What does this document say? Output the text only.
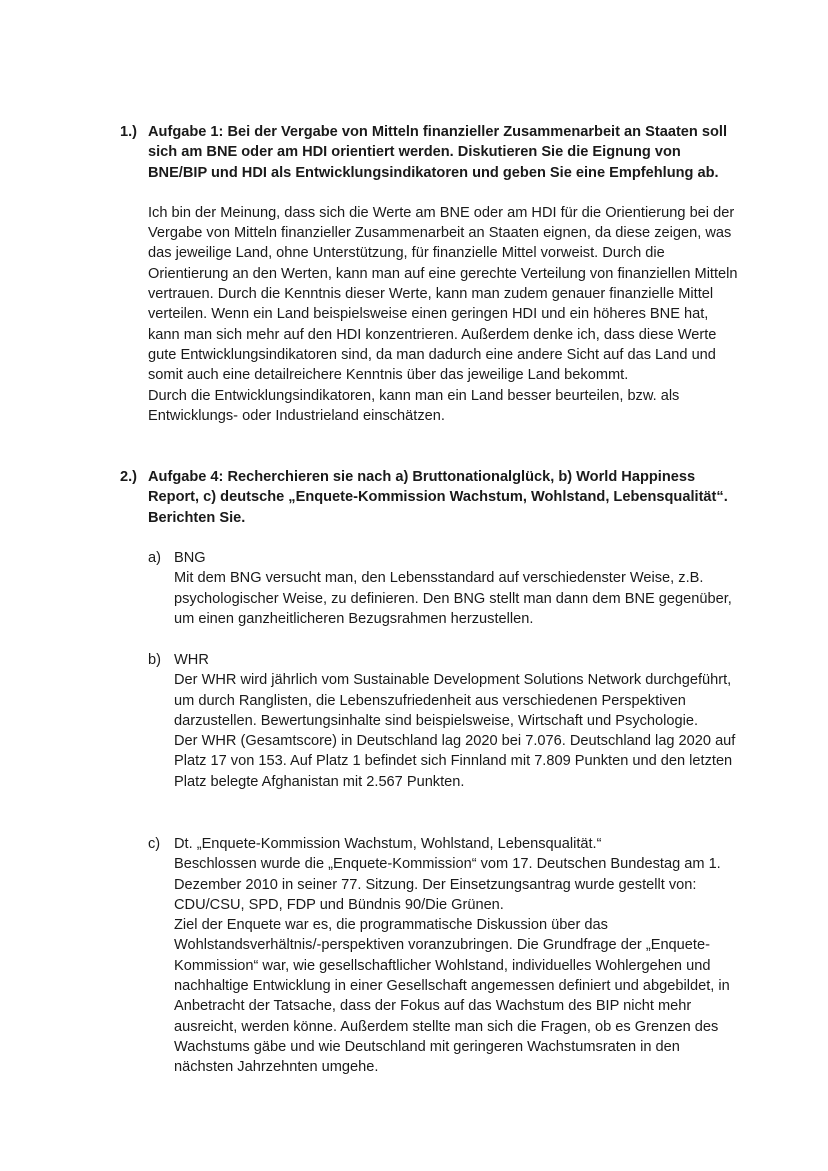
1.) Aufgabe 1: Bei der Vergabe von Mitteln finanzieller Zusammenarbeit an Staaten soll sich am BNE oder am HDI orientiert werden. Diskutieren Sie die Eignung von BNE/BIP und HDI als Entwicklungsindikatoren und geben Sie eine Empfehlung ab.

Ich bin der Meinung, dass sich die Werte am BNE oder am HDI für die Orientierung bei der Vergabe von Mitteln finanzieller Zusammenarbeit an Staaten eignen, da diese zeigen, was das jeweilige Land, ohne Unterstützung, für finanzielle Mittel vorweist. Durch die Orientierung an den Werten, kann man auf eine gerechte Verteilung von finanziellen Mitteln vertrauen. Durch die Kenntnis dieser Werte, kann man zudem genauer finanzielle Mittel verteilen. Wenn ein Land beispielsweise einen geringen HDI und ein höheres BNE hat, kann man sich mehr auf den HDI konzentrieren. Außerdem denke ich, dass diese Werte gute Entwicklungsindikatoren sind, da man dadurch eine andere Sicht auf das Land und somit auch eine detailreichere Kenntnis über das jeweilige Land bekommt.

Durch die Entwicklungsindikatoren, kann man ein Land besser beurteilen, bzw. als Entwicklungs- oder Industrieland einschätzen.

2.) Aufgabe 4: Recherchieren sie nach a) Bruttonationalglück, b) World Happiness Report, c) deutsche „Enquete-Kommission Wachstum, Wohlstand, Lebensqualität“. Berichten Sie.
a) BNG

Mit dem BNG versucht man, den Lebensstandard auf verschiedenster Weise, z.B. psychologischer Weise, zu definieren. Den BNG stellt man dann dem BNE gegenüber, um einen ganzheitlicheren Bezugsrahmen herzustellen.

b) WHR

Der WHR wird jährlich vom Sustainable Development Solutions Network durchgeführt, um durch Ranglisten, die Lebenszufriedenheit aus verschiedenen Perspektiven darzustellen. Bewertungsinhalte sind beispielsweise, Wirtschaft und Psychologie.

Der WHR (Gesamtscore) in Deutschland lag 2020 bei 7.076. Deutschland lag 2020 auf Platz 17 von 153. Auf Platz 1 befindet sich Finnland mit 7.809 Punkten und den letzten Platz belegte Afghanistan mit 2.567 Punkten.

c) Dt. „Enquete-Kommission Wachstum, Wohlstand, Lebensqualität.“

Beschlossen wurde die „Enquete-Kommission“ vom 17. Deutschen Bundestag am 1. Dezember 2010 in seiner 77. Sitzung. Der Einsetzungsantrag wurde gestellt von: CDU/CSU, SPD, FDP und Bündnis 90/Die Grünen.

Ziel der Enquete war es, die programmatische Diskussion über das Wohlstandsverhältnis/-perspektiven voranzubringen. Die Grundfrage der „Enquete-Kommission“ war, wie gesellschaftlicher Wohlstand, individuelles Wohlergehen und nachhaltige Entwicklung in einer Gesellschaft angemessen definiert und abgebildet, in Anbetracht der Tatsache, dass der Fokus auf das Wachstum des BIP nicht mehr ausreicht, werden könne. Außerdem stellte man sich die Fragen, ob es Grenzen des Wachstums gäbe und wie Deutschland mit geringeren Wachstumsraten in den nächsten Jahrzehnten umgehe.
